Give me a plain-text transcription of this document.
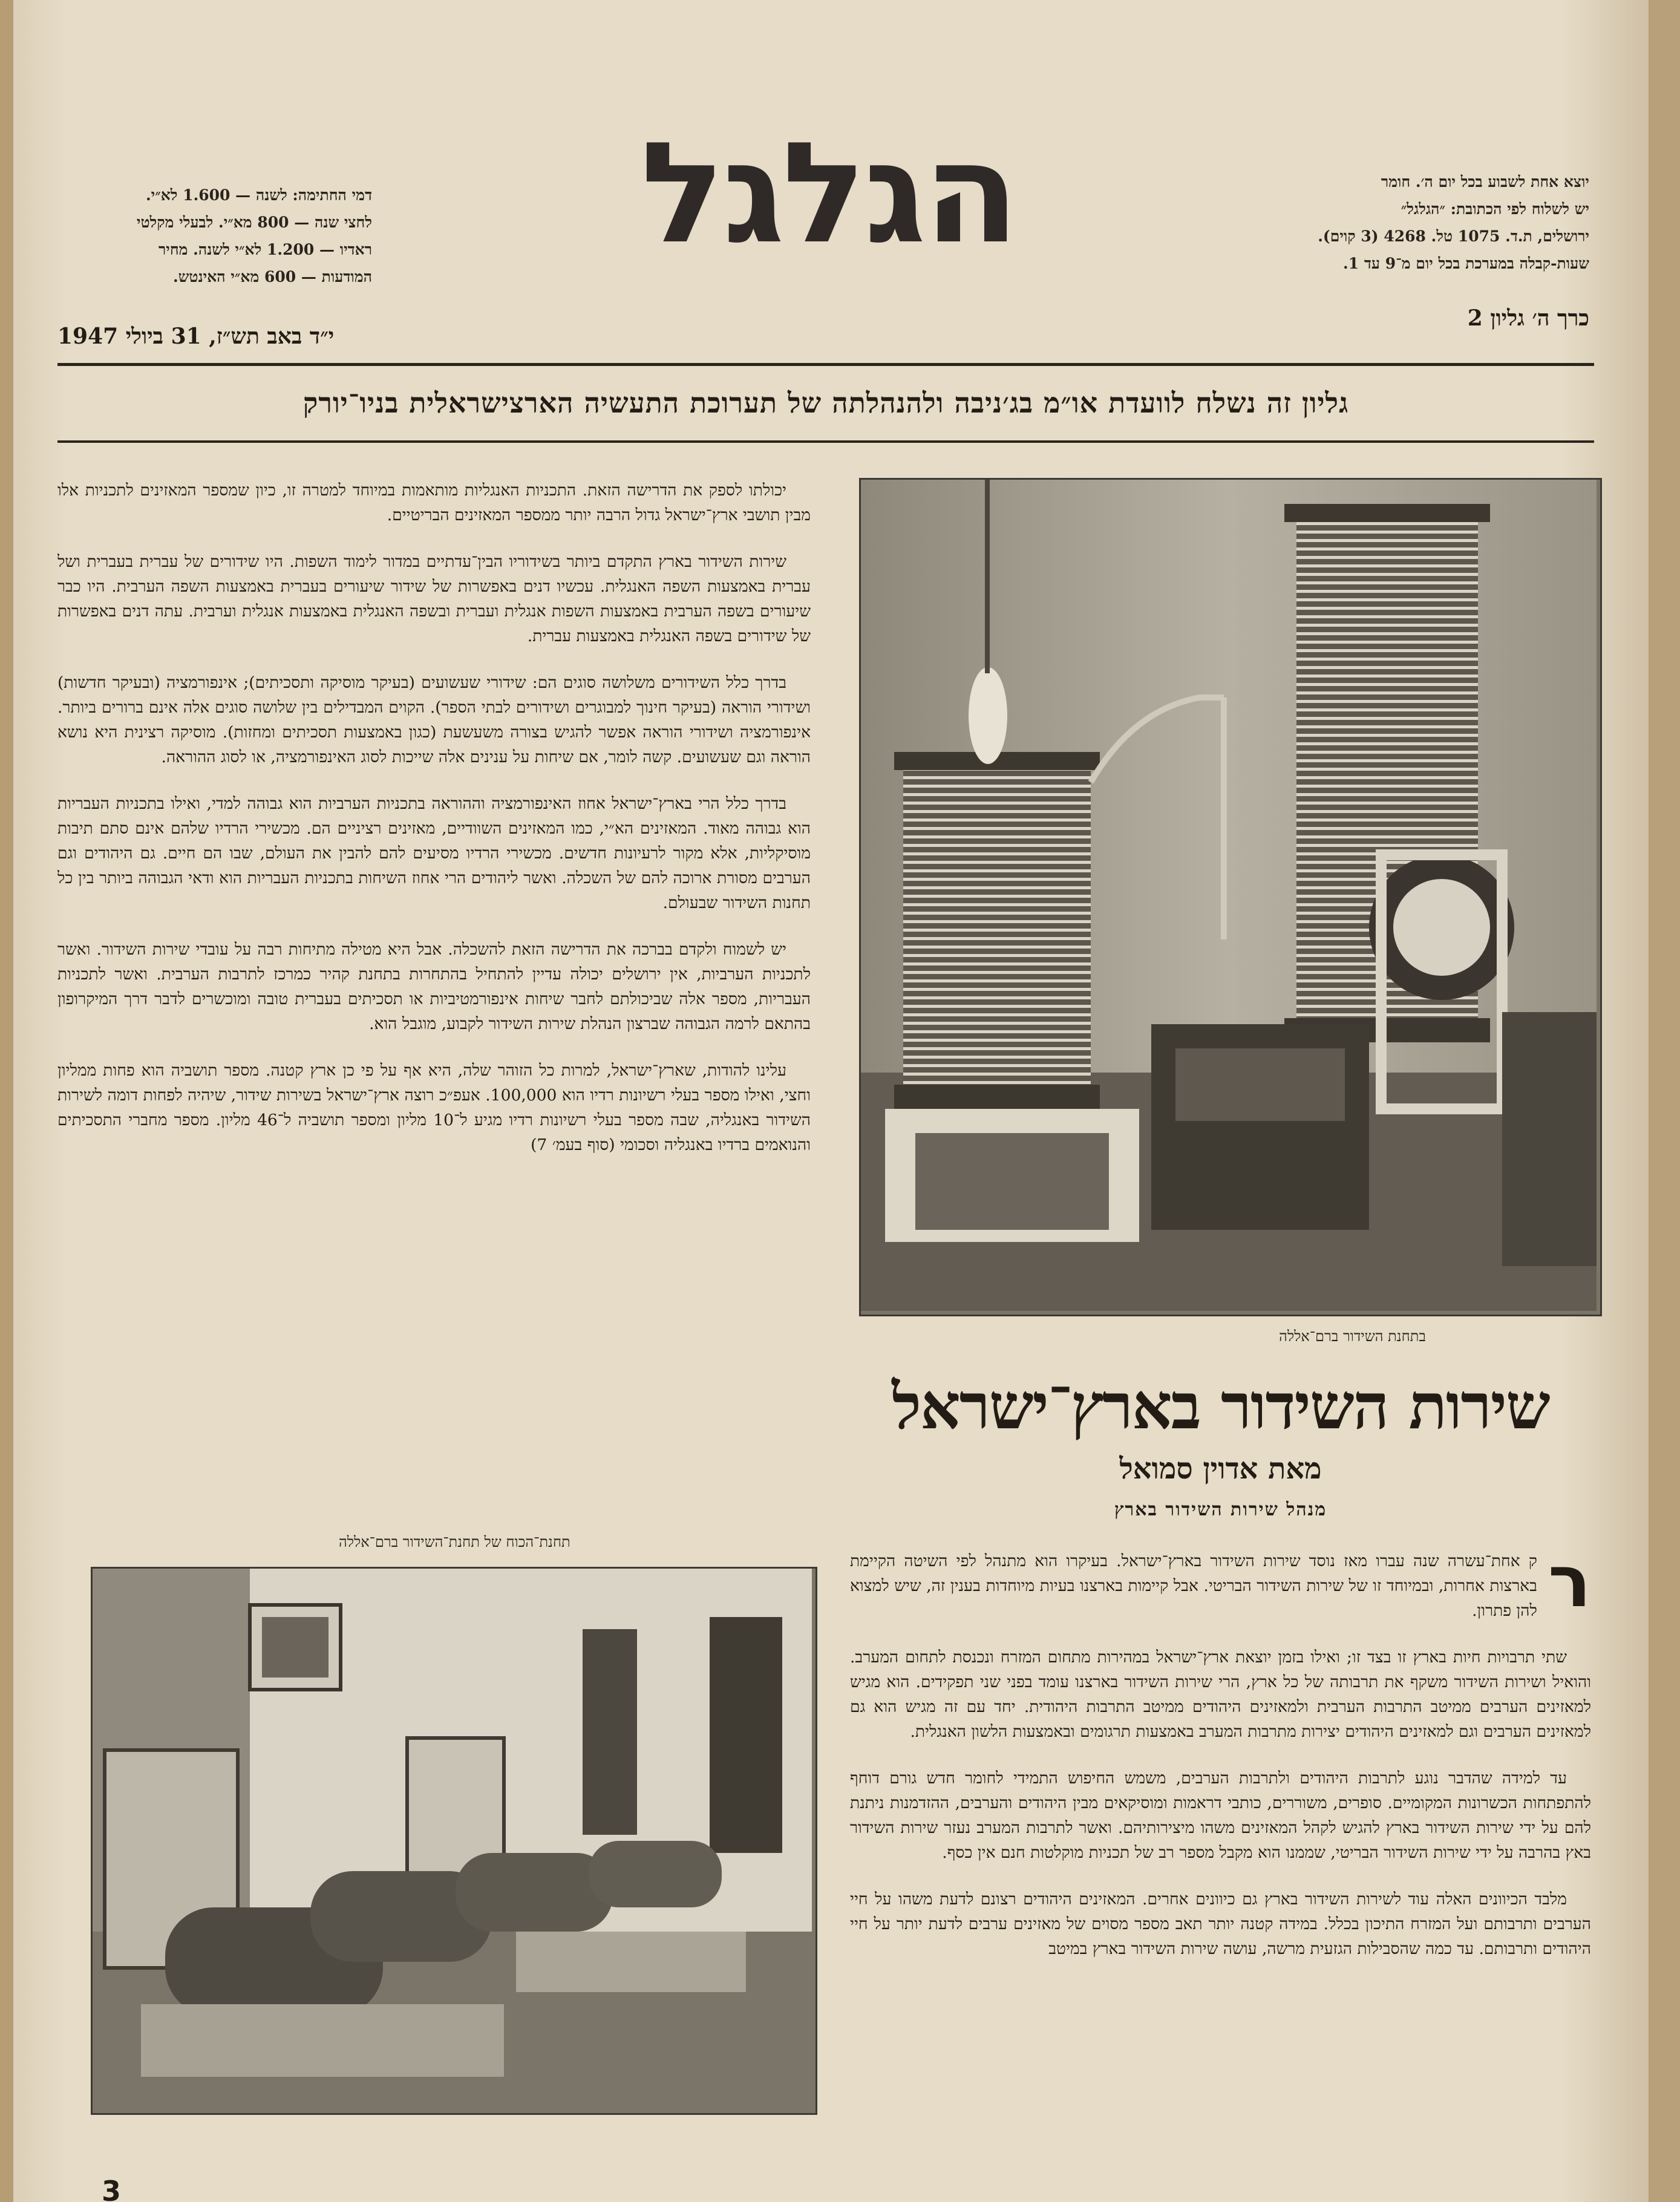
הגלגל	יוצא אחת לשבוע בכל יום ה׳. חומר

יש לשלוח לפי הכתובת: ״הגלגל״

ירושלים, ת.ד. 1075 טל. 4268 (3 קוים).

שעות-קבלה במערכת בכל יום מ־9 עד 1.

דמי החתימה: לשנה — 1.600 לא״י.

לחצי שנה — 800 מא״י. לבעלי מקלטי

ראדיו — 1.200 לא״י לשנה. מחיר

המודעות — 600 מא״י האינטש.

כרך ה׳ גליון 2
י״ד באב תש״ז, 31 ביולי 1947
גליון זה נשלח לוועדת או״מ בג׳ניבה ולהנהלתה של תערוכת התעשיה הארצישראלית בניו־יורק

יכולתו לספק את הדרישה הזאת. התכניות האנגליות מותאמות במיוחד למטרה זו, כיון שמספר המאזינים לתכניות אלו מבין תושבי ארץ־ישראל גדול הרבה יותר ממספר המאזינים הבריטיים.

שירות השידור בארץ התקדם ביותר בשידוריו הבין־עדתיים במדור לימוד השפות. היו שידורים של עברית בעברית ושל עברית באמצעות השפה האנגלית. עכשיו דנים באפשרות של שידור שיעורים בעברית באמצעות השפה הערבית. היו כבר שיעורים בשפה הערבית באמצעות השפות אנגלית ועברית ובשפה האנגלית באמצעות אנגלית וערבית. עתה דנים באפשרות של שידורים בשפה האנגלית באמצעות עברית.

בדרך כלל השידורים משלושה סוגים הם: שידורי שעשועים (בעיקר מוסיקה ותסכיתים); אינפורמציה (ובעיקר חדשות) ושידורי הוראה (בעיקר חינוך למבוגרים ושידורים לבתי הספר). הקוים המבדילים בין שלושה סוגים אלה אינם ברורים ביותר. אינפורמציה ושידורי הוראה אפשר להגיש בצורה משעשעת (כגון באמצעות תסכיתים ומחזות). מוסיקה רצינית היא נושא הוראה וגם שעשועים. קשה לומר, אם שיחות על ענינים אלה שייכות לסוג האינפורמציה, או לסוג ההוראה.

בדרך כלל הרי בארץ־ישראל אחוז האינפורמציה וההוראה בתכניות הערביות הוא גבוהה למדי, ואילו בתכניות העבריות הוא גבוהה מאוד. המאזינים הא״י, כמו המאזינים השוודיים, מאזינים רציניים הם. מכשירי הרדיו שלהם אינם סתם תיבות מוסיקליות, אלא מקור לרעיונות חדשים. מכשירי הרדיו מסיעים להם להבין את העולם, שבו הם חיים. גם היהודים וגם הערבים מסורת ארוכה להם של השכלה. ואשר ליהודים הרי אחוז השיחות בתכניות העבריות הוא ודאי הגבוהה ביותר בין כל תחנות השידור שבעולם.

יש לשמוח ולקדם בברכה את הדרישה הזאת להשכלה. אבל היא מטילה מתיחות רבה על עובדי שירות השידור. ואשר לתכניות הערביות, אין ירושלים יכולה עדיין להתחיל בהתחרות בתחנת קהיר כמרכז לתרבות הערבית. ואשר לתכניות העבריות, מספר אלה שביכולתם לחבר שיחות אינפורמטיביות או תסכיתים בעברית טובה ומוכשרים לדבר דרך המיקרופון בהתאם לרמה הגבוהה שברצון הנהלת שירות השידור לקבוע, מוגבל הוא.

עלינו להודות, שארץ־ישראל, למרות כל הזוהר שלה, היא אף על פי כן ארץ קטנה. מספר תושביה הוא פחות ממליון וחצי, ואילו מספר בעלי רשיונות רדיו הוא 100,000. אעפ״כ רוצה ארץ־ישראל בשירות שידור, שיהיה לפחות דומה לשירות השידור באנגליה, שבה מספר בעלי רשיונות רדיו מגיע ל־10 מליון ומספר תושביה ל־46 מליון. מספר מחברי התסכיתים והנואמים ברדיו באנגליה וסכומי (סוף בעמ׳ 7)

בתחנת השידור ברם־אללה
שירות השידור בארץ־ישראל
מאת אדוין סמואל
מנהל שירות השידור בארץ

ר
ק אחת־עשרה שנה עברו מאז נוסד שירות השידור בארץ־ישראל. בעיקרו הוא מתנהל לפי השיטה הקיימת בארצות אחרות, ובמיוחד זו של שירות השידור הבריטי. אבל קיימות בארצנו בעיות מיוחדות בענין זה, שיש למצוא להן פתרון.

שתי תרבויות חיות בארץ זו בצד זו; ואילו בזמן יוצאת ארץ־ישראל במהירות מתחום המזרח ונכנסת לתחום המערב. והואיל ושירות השידור משקף את תרבותה של כל ארץ, הרי שירות השידור בארצנו עומד בפני שני תפקידים. הוא מגיש למאזינים הערבים ממיטב התרבות הערבית ולמאזינים היהודים ממיטב התרבות היהודית. יחד עם זה מגיש הוא גם למאזינים הערבים וגם למאזינים היהודים יצירות מתרבות המערב באמצעות תרגומים ובאמצעות הלשון האנגלית.

עד למידה שהדבר נוגע לתרבות היהודים ולתרבות הערבים, משמש החיפוש התמידי לחומר חדש גורם דוחף להתפתחות הכשרונות המקומיים. סופרים, משוררים, כותבי דראמות ומוסיקאים מבין היהודים והערבים, ההזדמנות ניתנת להם על ידי שירות השידור בארץ להגיש לקהל המאזינים משהו מיצירותיהם. ואשר לתרבות המערב נעזר שירות השידור באץ בהרבה על ידי שירות השידור הבריטי, שממנו הוא מקבל מספר רב של תכניות מוקלטות חנם אין כסף.

מלבד הכיוונים האלה עוד לשירות השידור בארץ גם כיוונים אחרים. המאזינים היהודים רצונם לדעת משהו על חיי הערבים ותרבותם ועל המזרח התיכון בכלל. במידה קטנה יותר תאב מספר מסוים של מאזינים ערבים לדעת יותר על חיי היהודים ותרבותם. עד כמה שהסבילות הגזעית מרשה, עושה שירות השידור בארץ במיטב

תחנת־הכוח של תחנת־השידור ברם־אללה
3
